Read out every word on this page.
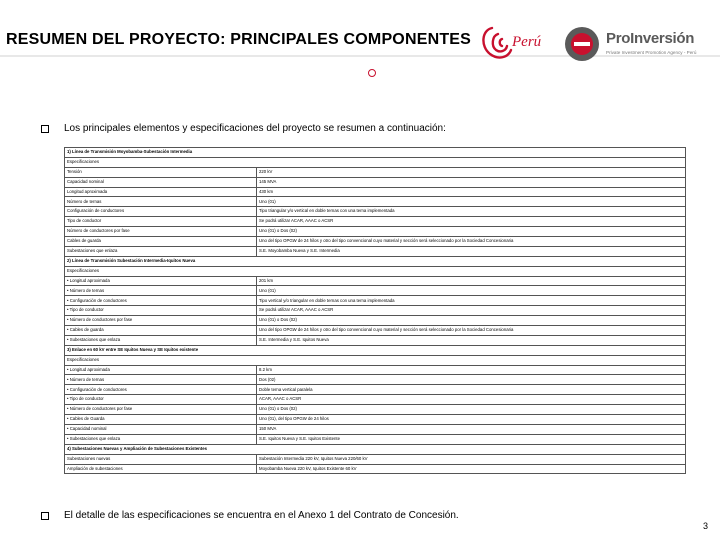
RESUMEN DEL PROYECTO: PRINCIPALES COMPONENTES	Perú	ProInversión
Private Investment Promotion Agency - Perú
Los principales elementos y especificaciones del proyecto se resumen a continuación:
1) Línea de Transmisión Moyobamba-Subestación Intermedia	
Especificaciones	
Tensión	220 kV
Capacidad nominal	145 MVA
Longitud aproximada	430 km
Número de ternas	Uno (01)
Configuración de conductores	Tipo triangular y/o vertical en doble ternas con una terna implementada
Tipo de conductor	Se podrá utilizar ACAR, AAAC o ACSR
Número de conductores por fase	Uno (01) o Dos (02)
Cables de guarda	Uno del tipo OPGW de 24 hilos y otro del tipo convencional cuyo material y sección será seleccionado por la Sociedad Concesionaria
Subestaciones que enlaza	S.E. Moyobamba Nueva y S.E. Intermedia
2) Línea de Transmisión Subestación Intermedia-Iquitos Nueva	
Especificaciones	
• Longitud aproximada	201 km
• Número de ternas	Uno (01)
• Configuración de conductores	Tipo vertical y/o triangular en doble ternas con una terna implementada
• Tipo de conductor	Se podrá utilizar ACAR, AAAC o ACSR
• Número de conductores por fase	Uno (01) o Dos (02)
• Cables de guarda	Uno del tipo OPGW de 24 hilos y otro del tipo convencional cuyo material y sección será seleccionado por la Sociedad Concesionaria
• Subestaciones que enlaza	S.E. Intermedia y S.E. Iquitos Nueva
3) Enlace en 60 kV entre SE Iquitos Nueva y SE Iquitos existente	
Especificaciones	
• Longitud aproximada	8.2 km
• Número de ternas	Dos (02)
• Configuración de conductores	Doble terna vertical paralela
• Tipo de conductor	ACAR, AAAC o ACSR
• Número de conductores por fase	Uno (01) o Dos (02)
• Cables de Guarda	Uno (01), del tipo OPGW de 24 hilos
• Capacidad nominal	150 MVA
• Subestaciones que enlaza	S.E. Iquitos Nueva y S.E. Iquitos Existente
4) Subestaciones Nuevas y Ampliación de Subestaciones Existentes	
Subestaciones nuevas	Subestación Intermedia 220 kV, Iquitos Nueva 220/60 kV
Ampliación de subestaciones	Moyobamba Nueva 220 kV, Iquitos Existente 60 kV
El detalle de las especificaciones se encuentra en el Anexo 1 del Contrato de Concesión.
3
